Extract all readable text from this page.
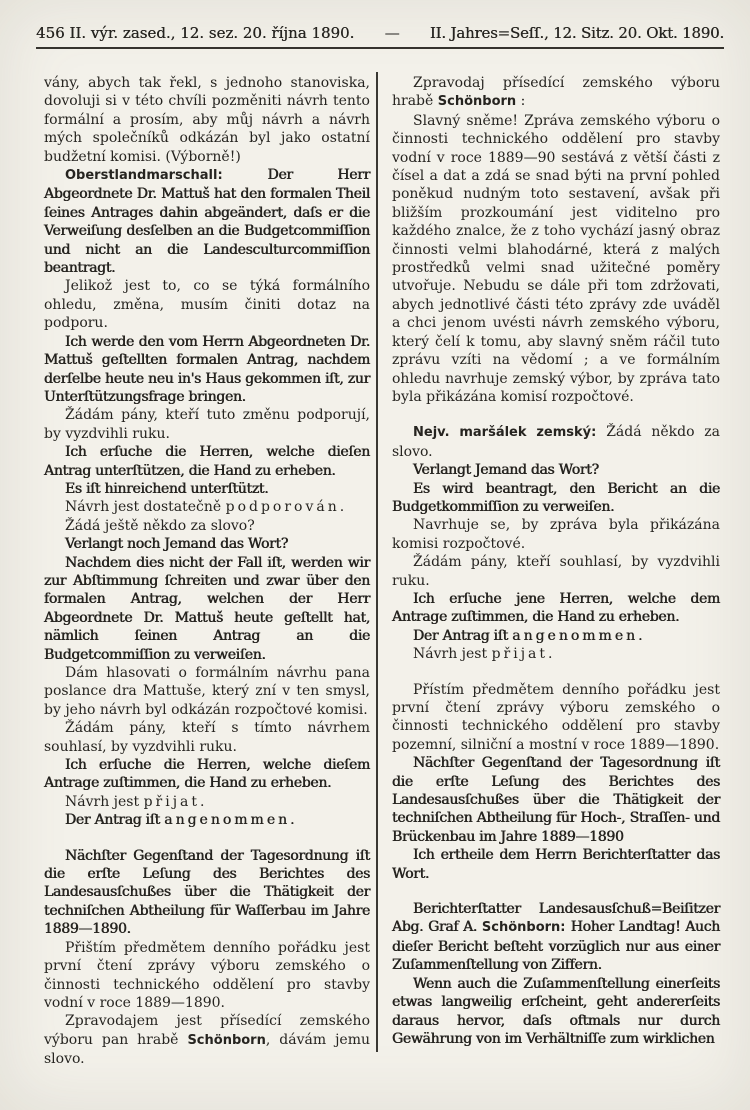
456 II. výr. zased., 12. sez. 20. října 1890. — II. Jahres=Seſſ., 12. Sitz. 20. Okt. 1890.

vány, abych tak řekl, s jednoho stanoviska, dovoluji si v této chvíli pozměniti návrh tento formální a prosím, aby můj návrh a návrh mých společníků odkázán byl jako ostatní budžetní komisi. (Výborně!)

Oberstlandmarschall: Der Herr Abgeordnete Dr. Mattuš hat den formalen Theil ſeines Antrages dahin abgeändert, daſs er die Verweiſung desſelben an die Budgetcommiſſion und nicht an die Landesculturcommiſſion beantragt.

Jelikož jest to, co se týká formálního ohledu, změna, musím činiti dotaz na podporu.

Ich werde den vom Herrn Abgeordneten Dr. Mattuš geſtellten formalen Antrag, nachdem derſelbe heute neu in's Haus gekommen iſt, zur Unterſtützungsfrage bringen.

Žádám pány, kteří tuto změnu podporují, by vyzdvihli ruku.

Ich erſuche die Herren, welche dieſen Antrag unterſtützen, die Hand zu erheben.

Es iſt hinreichend unterſtützt.

Návrh jest dostatečně podporován.

Žádá ještě někdo za slovo?

Verlangt noch Jemand das Wort?

Nachdem dies nicht der Fall iſt, werden wir zur Abſtimmung ſchreiten und zwar über den formalen Antrag, welchen der Herr Abgeordnete Dr. Mattuš heute geſtellt hat, nämlich ſeinen Antrag an die Budgetcommiſſion zu verweiſen.

Dám hlasovati o formálním návrhu pana poslance dra Mattuše, který zní v ten smysl, by jeho návrh byl odkázán rozpočtové komisi.

Žádám pány, kteří s tímto návrhem souhlasí, by vyzdvihli ruku.

Ich erſuche die Herren, welche dieſem Antrage zuſtimmen, die Hand zu erheben.

Návrh jest přijat.

Der Antrag iſt angenommen.

Nächſter Gegenſtand der Tagesordnung iſt die erſte Leſung des Berichtes des Landesausſchußes über die Thätigkeit der techniſchen Abtheilung für Waſſerbau im Jahre 1889—1890.

Přištím předmětem denního pořádku jest první čtení zprávy výboru zemského o činnosti technického oddělení pro stavby vodní v roce 1889—1890.

Zpravodajem jest přísedící zemského výboru pan hrabě Schönborn, dávám jemu slovo.

Zpravodaj přísedící zemského výboru hrabě Schönborn :

Slavný sněme! Zpráva zemského výboru o činnosti technického oddělení pro stavby vodní v roce 1889—90 sestává z větší části z čísel a dat a zdá se snad býti na první pohled poněkud nudným toto sestavení, avšak při bližším prozkoumání jest viditelno pro každého znalce, že z toho vychází jasný obraz činnosti velmi blahodárné, která z malých prostředků velmi snad užitečné poměry utvořuje. Nebudu se dále při tom zdržovati, abych jednotlivé části této zprávy zde uváděl a chci jenom uvésti návrh zemského výboru, který čelí k tomu, aby slavný sněm ráčil tuto zprávu vzíti na vědomí ; a ve formálním ohledu navrhuje zemský výbor, by zpráva tato byla přikázána komisí rozpočtové.

Nejv. maršálek zemský: Žádá někdo za slovo.

Verlangt Jemand das Wort?

Es wird beantragt, den Bericht an die Budgetkommiſſion zu verweiſen.

Navrhuje se, by zpráva byla přikázána komisi rozpočtové.

Žádám pány, kteří souhlasí, by vyzdvihli ruku.

Ich erſuche jene Herren, welche dem Antrage zuſtimmen, die Hand zu erheben.

Der Antrag iſt angenommen.

Návrh jest přijat.

Přístím předmětem denního pořádku jest první čtení zprávy výboru zemského o činnosti technického oddělení pro stavby pozemní, silniční a mostní v roce 1889—1890.

Nächſter Gegenſtand der Tagesordnung iſt die erſte Leſung des Berichtes des Landesausſchußes über die Thätigkeit der techniſchen Abtheilung für Hoch-, Straſſen- und Brückenbau im Jahre 1889—1890

Ich ertheile dem Herrn Berichterſtatter das Wort.

Berichterſtatter Landesausſchuß=Beiſitzer Abg. Graf A. Schönborn: Hoher Landtag! Auch dieſer Bericht beſteht vorzüglich nur aus einer Zuſammenſtellung von Ziffern.

Wenn auch die Zuſammenſtellung einerſeits etwas langweilig erſcheint, geht andererſeits daraus hervor, daſs oftmals nur durch Gewährung von im Verhältniſſe zum wirklichen
